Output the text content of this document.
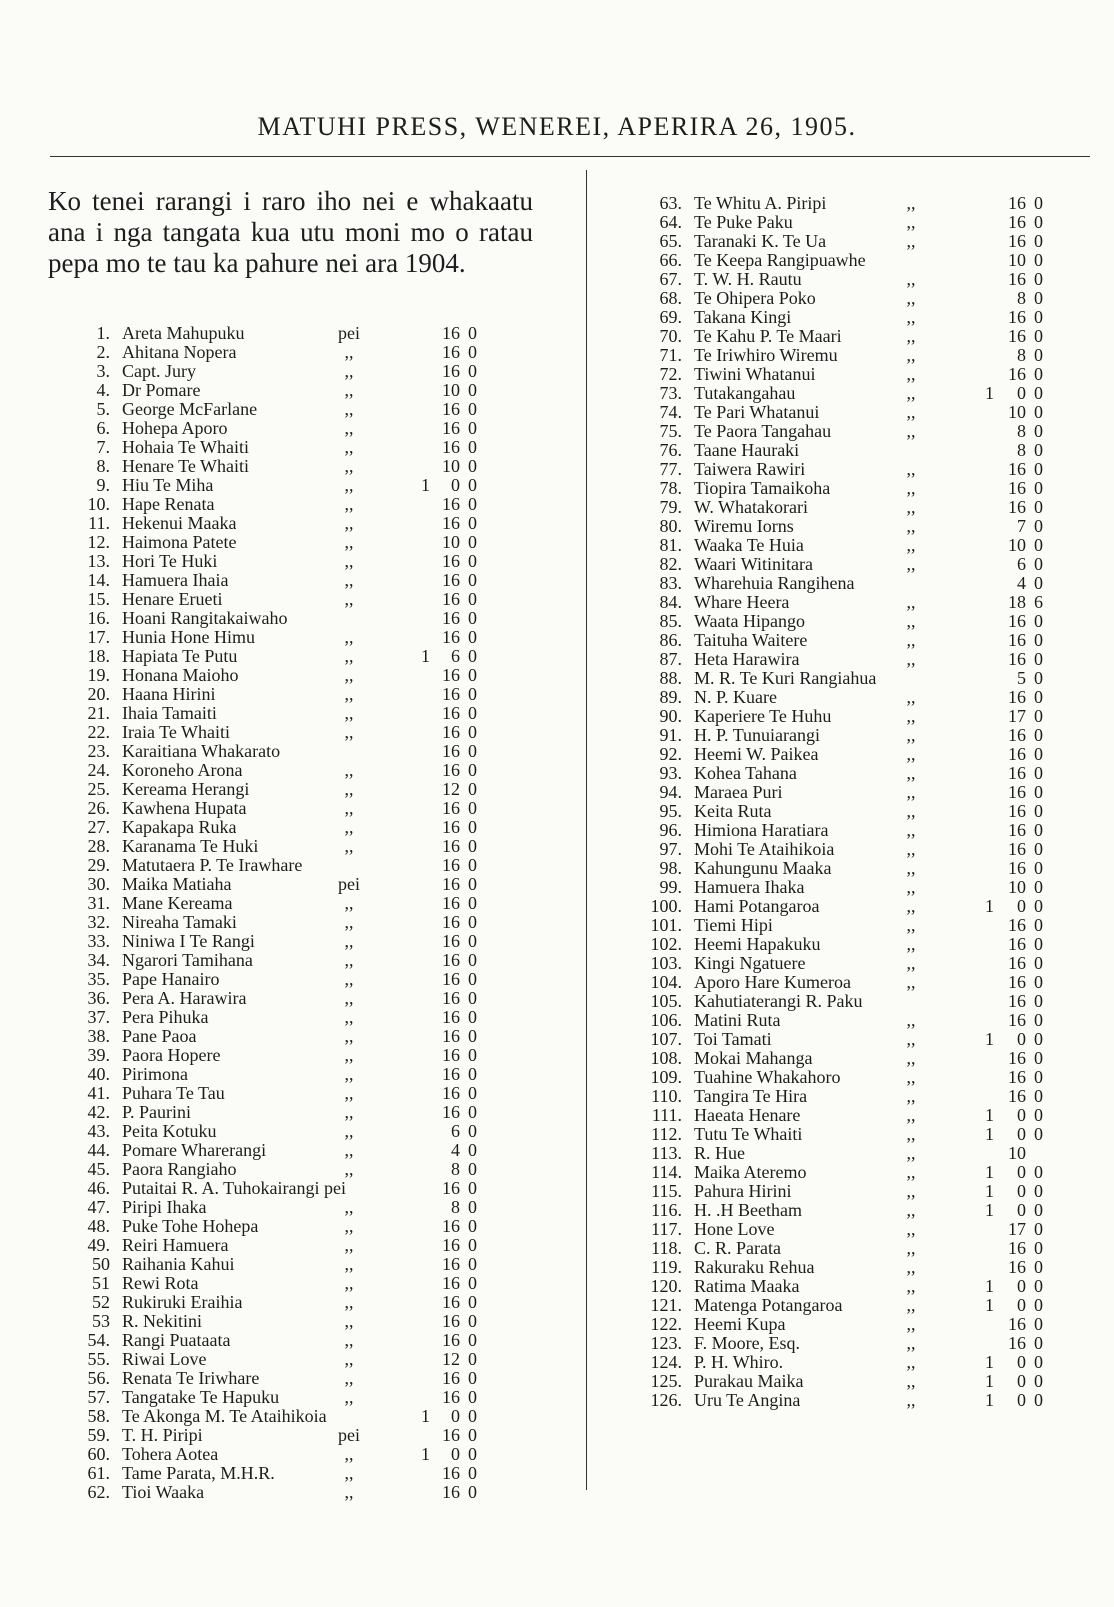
MATUHI PRESS, WENEREI, APERIRA 26, 1905.
Ko tenei rarangi i raro iho nei e whakaatu ana i nga tangata kua utu moni mo o ratau pepa mo te tau ka pahure nei ara 1904.
1. Areta Mahupuku	pei	16 0
2. Ahitana Nopera	,,	16 0
3. Capt. Jury	,,	16 0
4. Dr Pomare	,,	10 0
5. George McFarlane	,,	16 0
6. Hohepa Aporo	,,	16 0
7. Hohaia Te Whaiti	,,	16 0
8. Henare Te Whaiti	,,	10 0
9. Hiu Te Miha	,,	1	0 0
10. Hape Renata	,,	16 0
11. Hekenui Maaka	,,	16 0
12. Haimona Patete	,,	10 0
13. Hori Te Huki	,,	16 0
14. Hamuera Ihaia	,,	16 0
15. Henare Erueti	,,	16 0
16. Hoani Rangitakaiwaho	16 0
17. Hunia Hone Himu	,,	16 0
18. Hapiata Te Putu	,,	1	6 0
19. Honana Maioho	,,	16 0
20. Haana Hirini	,,	16 0
21. Ihaia Tamaiti	,,	16 0
22. Iraia Te Whaiti	,,	16 0
23. Karaitiana Whakarato	16 0
24. Koroneho Arona	,,	16 0
25. Kereama Herangi	,,	12 0
26. Kawhena Hupata	,,	16 0
27. Kapakapa Ruka	,,	16 0
28. Karanama Te Huki	,,	16 0
29. Matutaera P. Te Irawhare	16 0
30. Maika Matiaha	pei	16 0
31. Mane Kereama	,,	16 0
32. Nireaha Tamaki	,,	16 0
33. Niniwa I Te Rangi	,,	16 0
34. Ngarori Tamihana	,,	16 0
35. Pape Hanairo	,,	16 0
36. Pera A. Harawira	,,	16 0
37. Pera Pihuka	,,	16 0
38. Pane Paoa	,,	16 0
39. Paora Hopere	,,	16 0
40. Pirimona	,,	16 0
41. Puhara Te Tau	,,	16 0
42. P. Paurini	,,	16 0
43. Peita Kotuku	,,	6 0
44. Pomare Wharerangi	,,	4 0
45. Paora Rangiaho	,,	8 0
46. Putaitai R. A. Tuhokairangi pei	16 0
47. Piripi Ihaka	,,	8 0
48. Puke Tohe Hohepa	,,	16 0
49. Reiri Hamuera	,,	16 0
50 Raihania Kahui	,,	16 0
51 Rewi Rota	,,	16 0
52 Rukiruki Eraihia	,,	16 0
53 R. Nekitini	,,	16 0
54. Rangi Puataata	,,	16 0
55. Riwai Love	,,	12 0
56. Renata Te Iriwhare	,,	16 0
57. Tangatake Te Hapuku	,,	16 0
58. Te Akonga M. Te Ataihikoia	1	0 0
59. T. H. Piripi	pei	16 0
60. Tohera Aotea	,,	1	0 0
61. Tame Parata, M.H.R.	,,	16 0
62. Tioi Waaka	,,	16 0
63. Te Whitu A. Piripi	,,	16 0
64. Te Puke Paku	,,	16 0
65. Taranaki K. Te Ua	,,	16 0
66. Te Keepa Rangipuawhe	10 0
67. T. W. H. Rautu	,,	16 0
68. Te Ohipera Poko	,,	8 0
69. Takana Kingi	,,	16 0
70. Te Kahu P. Te Maari	,,	16 0
71. Te Iriwhiro Wiremu	,,	8 0
72. Tiwini Whatanui	,,	16 0
73. Tutakangahau	,,	1	0 0
74. Te Pari Whatanui	,,	10 0
75. Te Paora Tangahau	,,	8 0
76. Taane Hauraki	8 0
77. Taiwera Rawiri	,,	16 0
78. Tiopira Tamaikoha	,,	16 0
79. W. Whatakorari	,,	16 0
80. Wiremu Iorns	,,	7 0
81. Waaka Te Huia	,,	10 0
82. Waari Witinitara	,,	6 0
83. Wharehuia Rangihena	4 0
84. Whare Heera	,,	18 6
85. Waata Hipango	,,	16 0
86. Taituha Waitere	,,	16 0
87. Heta Harawira	,,	16 0
88. M. R. Te Kuri Rangiahua	5 0
89. N. P. Kuare	,,	16 0
90. Kaperiere Te Huhu	,,	17 0
91. H. P. Tunuiarangi	,,	16 0
92. Heemi W. Paikea	,,	16 0
93. Kohea Tahana	,,	16 0
94. Maraea Puri	,,	16 0
95. Keita Ruta	,,	16 0
96. Himiona Haratiara	,,	16 0
97. Mohi Te Ataihikoia	,,	16 0
98. Kahungunu Maaka	,,	16 0
99. Hamuera Ihaka	,,	10 0
100. Hami Potangaroa	,,	1	0 0
101. Tiemi Hipi	,,	16 0
102. Heemi Hapakuku	,,	16 0
103. Kingi Ngatuere	,,	16 0
104. Aporo Hare Kumeroa	,,	16 0
105. Kahutiaterangi R. Paku	16 0
106. Matini Ruta	,,	16 0
107. Toi Tamati	,,	1	0 0
108. Mokai Mahanga	,,	16 0
109. Tuahine Whakahoro	,,	16 0
110. Tangira Te Hira	,,	16 0
111. Haeata Henare	,,	1	0 0
112. Tutu Te Whaiti	,,	1	0 0
113. R. Hue	,,	10
114. Maika Ateremo	,,	1	0 0
115. Pahura Hirini	,,	1	0 0
116. H. .H Beetham	,,	1	0 0
117. Hone Love	,,	17 0
118. C. R. Parata	,,	16 0
119. Rakuraku Rehua	,,	16 0
120. Ratima Maaka	,,	1	0 0
121. Matenga Potangaroa	,,	1	0 0
122. Heemi Kupa	,,	16 0
123. F. Moore, Esq.	,,	16 0
124. P. H. Whiro.	,,	1	0 0
125. Purakau Maika	,,	1	0 0
126. Uru Te Angina	,,	1	0 0
